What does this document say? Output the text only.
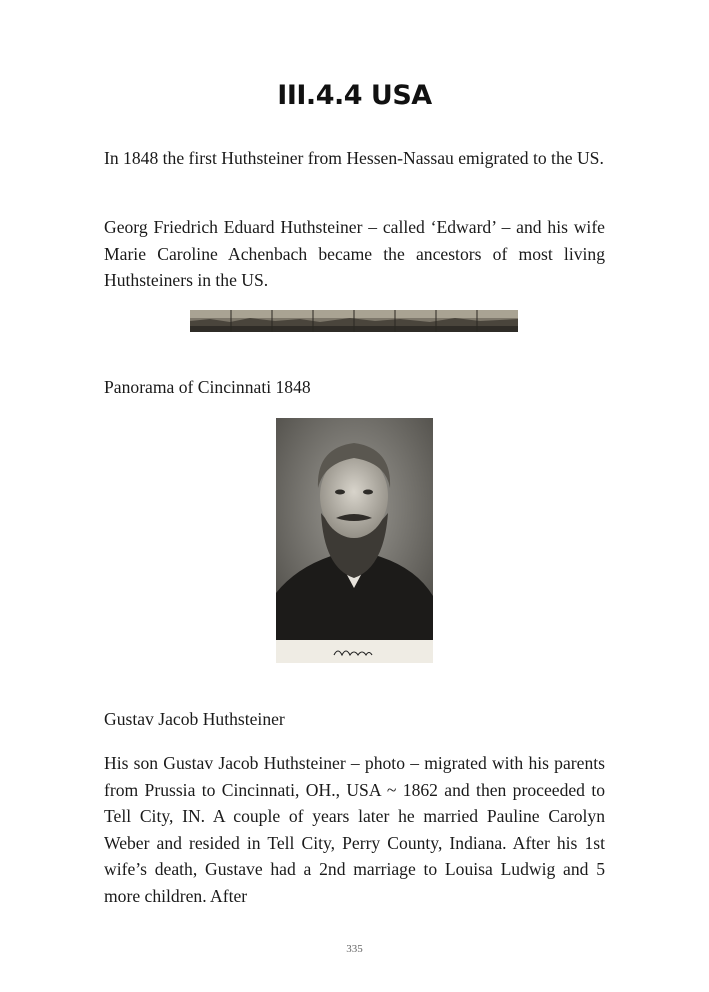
III.4.4 USA

In 1848 the first Huthsteiner from Hessen-Nassau emigrated to the US.

Georg Friedrich Eduard Huthsteiner – called ‘Edward’ – and his wife Marie Caroline Achenbach became the ancestors of most living Huthsteiners in the US.

Panorama of Cincinnati 1848
Gustav Jacob Huthsteiner

His son Gustav Jacob Huthsteiner – photo – migrated with his parents from Prussia to Cincinnati, OH., USA ~ 1862 and then proceeded to Tell City, IN. A couple of years later he married Pauline Carolyn Weber and resided in Tell City, Perry County, Indiana. After his 1st wife’s death, Gustave had a 2nd marriage to Louisa Ludwig and 5 more children. After

335
